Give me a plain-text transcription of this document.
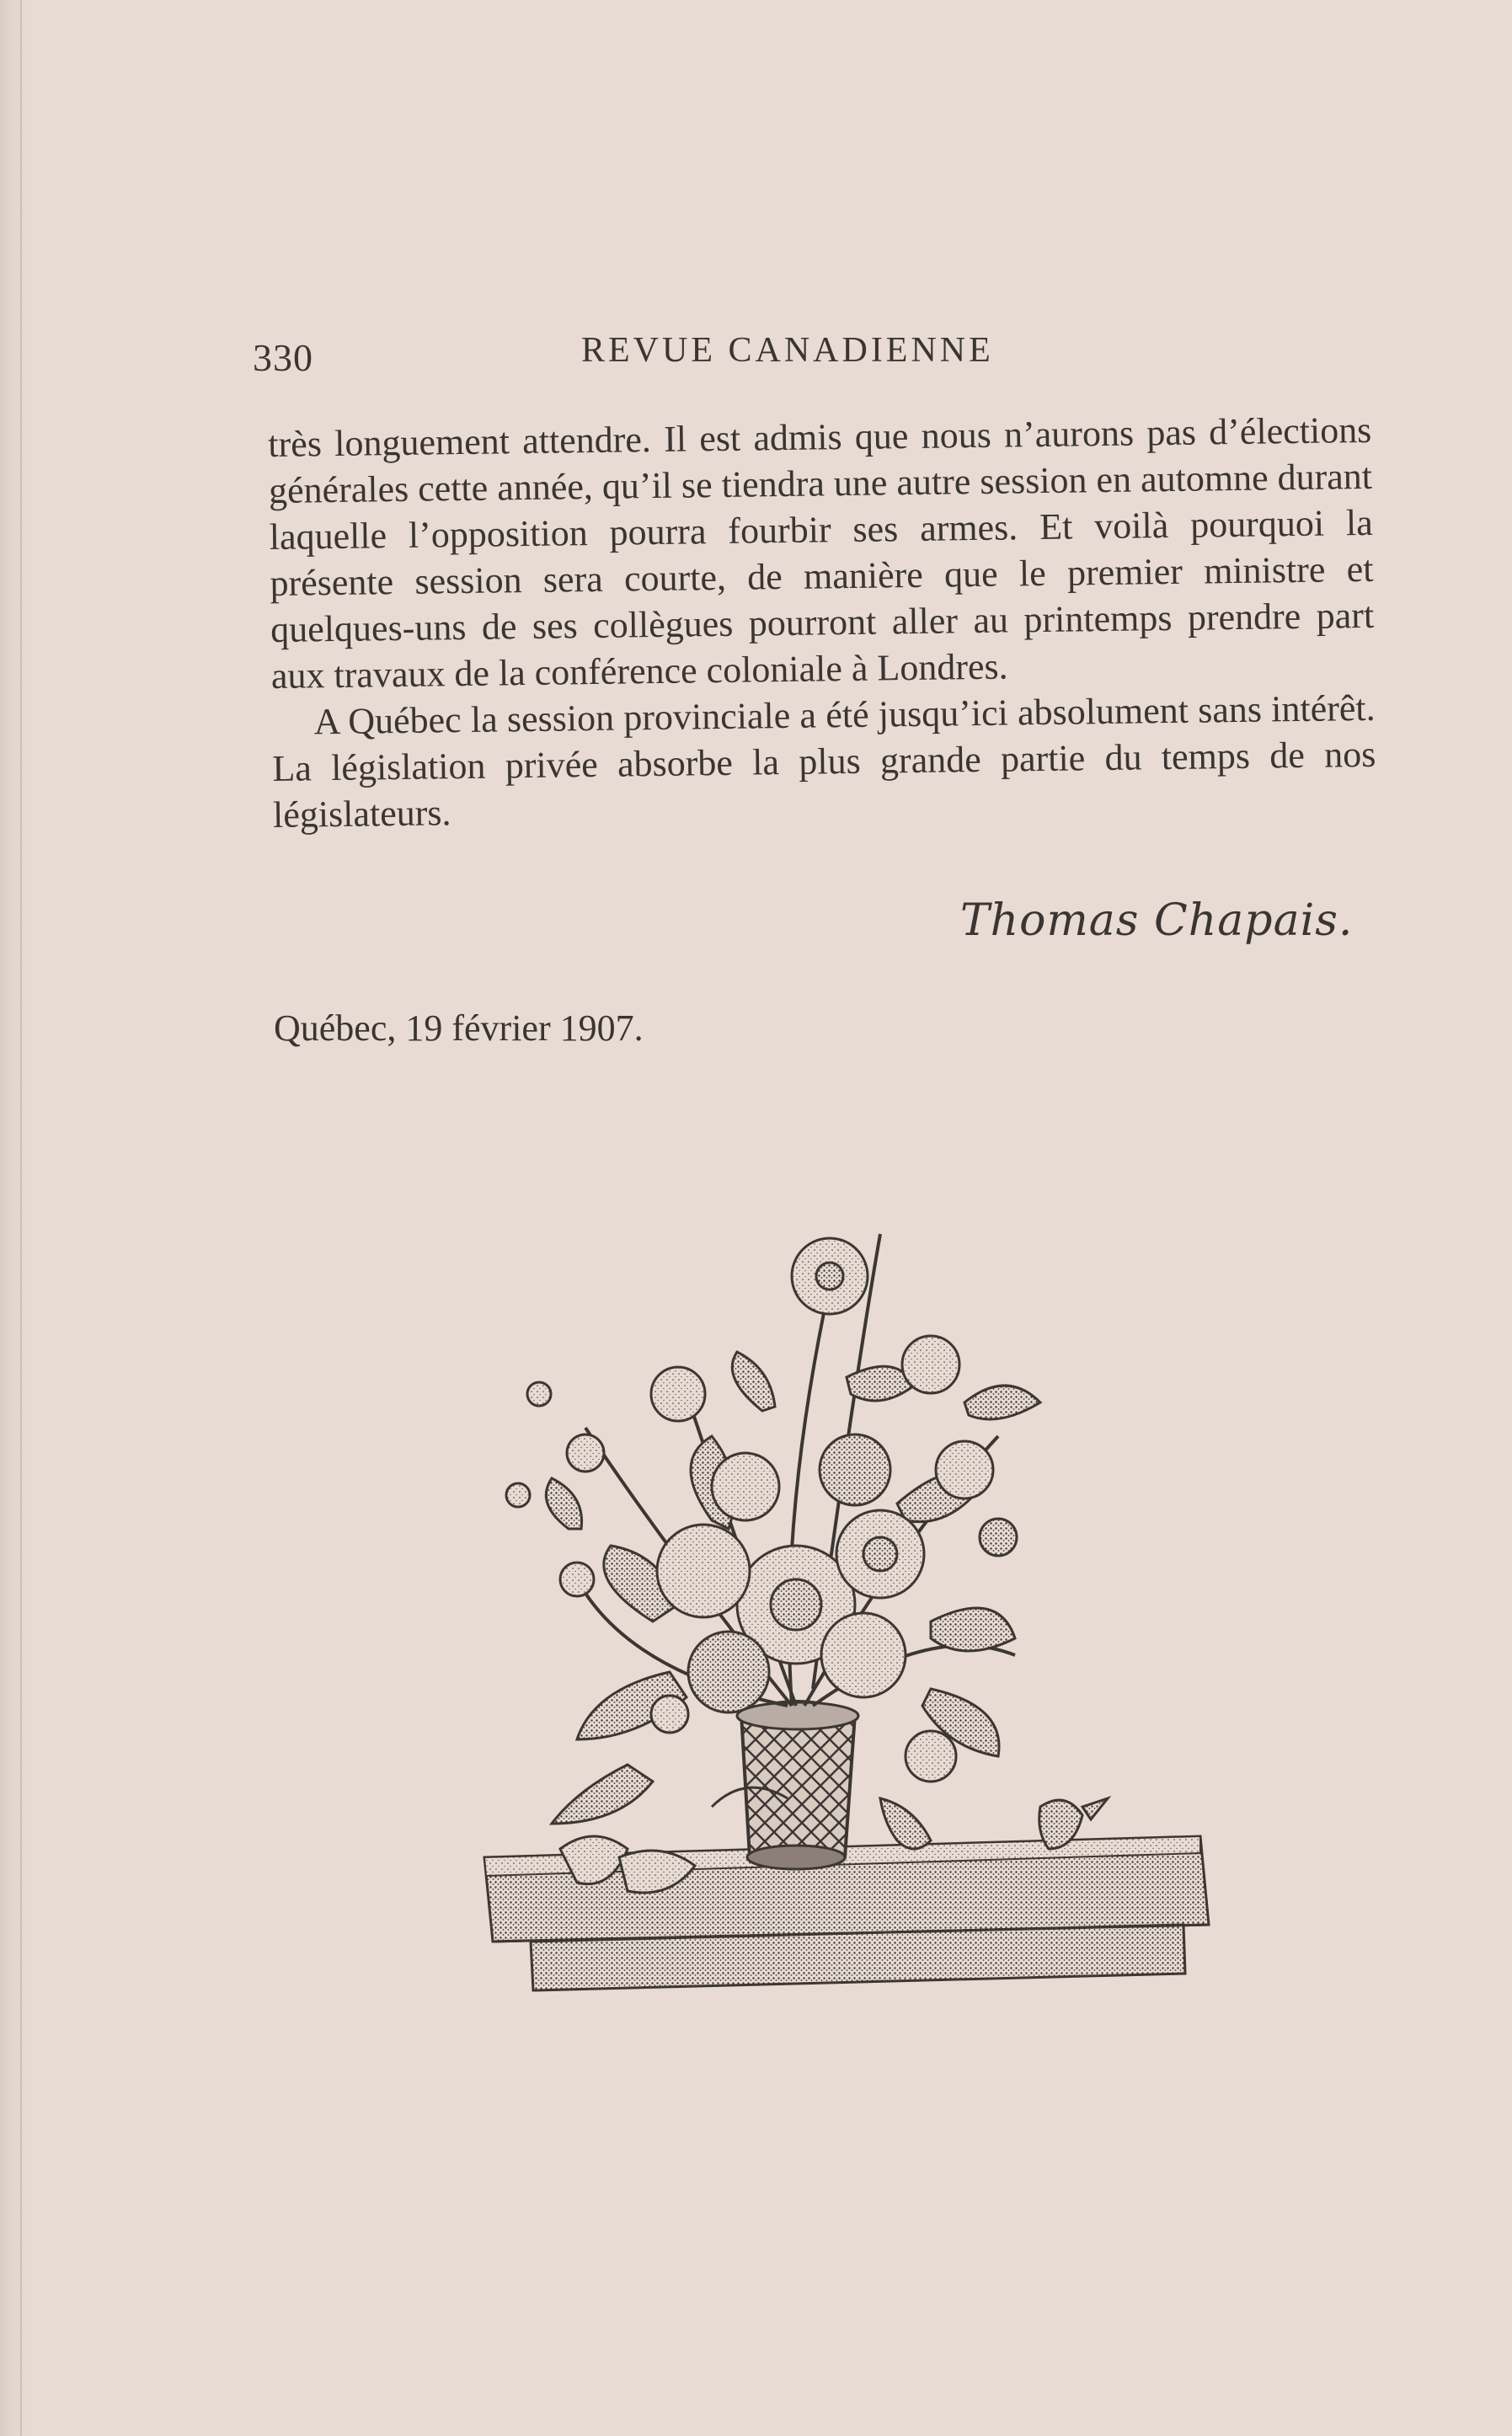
330	REVUE CANADIENNE

très longuement attendre. Il est admis que nous n’aurons pas d’élections générales cette année, qu’il se tiendra une autre session en automne durant laquelle l’opposition pourra fourbir ses armes. Et voilà pourquoi la présente session sera courte, de manière que le premier ministre et quelques-uns de ses collègues pourront aller au printemps prendre part aux travaux de la conférence coloniale à Londres.

A Québec la session provinciale a été jusqu’ici absolument sans intérêt. La législation privée absorbe la plus grande partie du temps de nos législateurs.

Thomas Chapais.
Québec, 19 février 1907.
